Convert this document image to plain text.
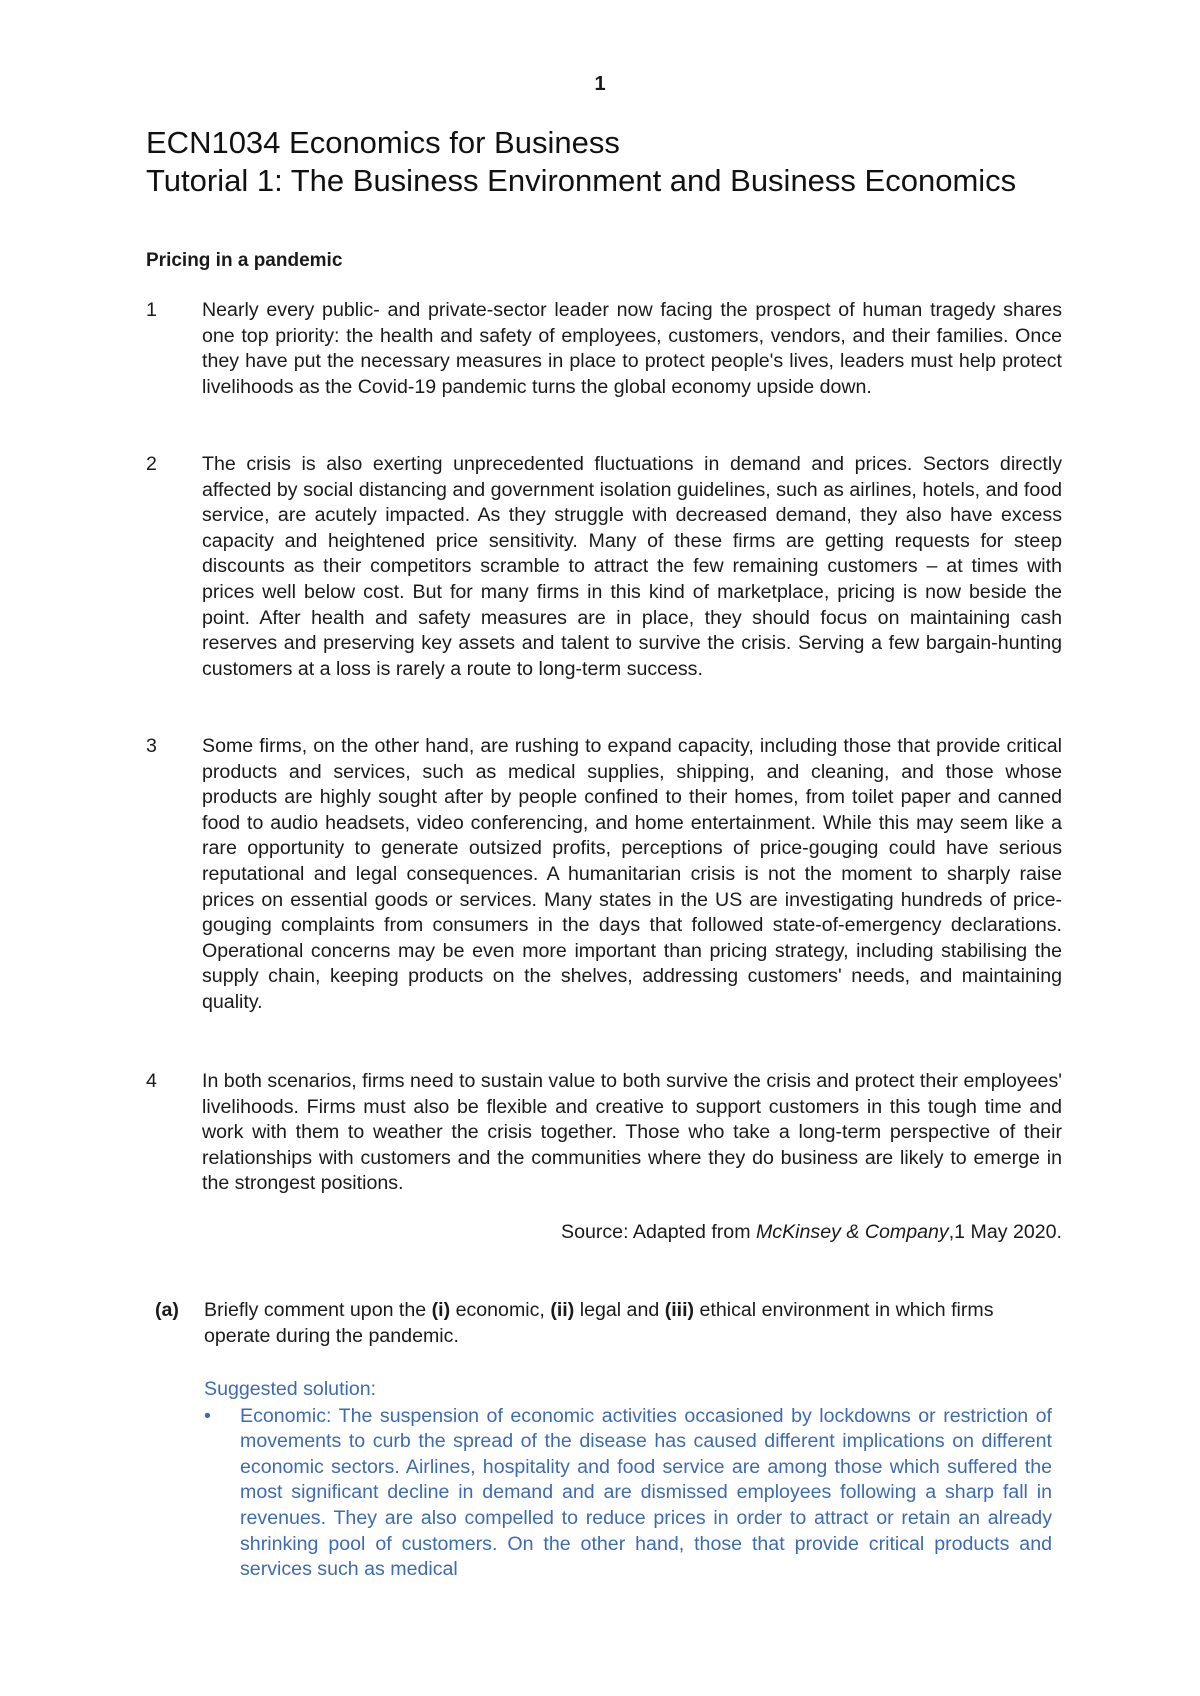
1
ECN1034 Economics for Business
Tutorial 1: The Business Environment and Business Economics
Pricing in a pandemic
1 Nearly every public- and private-sector leader now facing the prospect of human tragedy shares one top priority: the health and safety of employees, customers, vendors, and their families. Once they have put the necessary measures in place to protect people's lives, leaders must help protect livelihoods as the Covid-19 pandemic turns the global economy upside down.
2 The crisis is also exerting unprecedented fluctuations in demand and prices. Sectors directly affected by social distancing and government isolation guidelines, such as airlines, hotels, and food service, are acutely impacted. As they struggle with decreased demand, they also have excess capacity and heightened price sensitivity. Many of these firms are getting requests for steep discounts as their competitors scramble to attract the few remaining customers – at times with prices well below cost. But for many firms in this kind of marketplace, pricing is now beside the point. After health and safety measures are in place, they should focus on maintaining cash reserves and preserving key assets and talent to survive the crisis. Serving a few bargain-hunting customers at a loss is rarely a route to long-term success.
3 Some firms, on the other hand, are rushing to expand capacity, including those that provide critical products and services, such as medical supplies, shipping, and cleaning, and those whose products are highly sought after by people confined to their homes, from toilet paper and canned food to audio headsets, video conferencing, and home entertainment. While this may seem like a rare opportunity to generate outsized profits, perceptions of price-gouging could have serious reputational and legal consequences. A humanitarian crisis is not the moment to sharply raise prices on essential goods or services. Many states in the US are investigating hundreds of price-gouging complaints from consumers in the days that followed state-of-emergency declarations. Operational concerns may be even more important than pricing strategy, including stabilising the supply chain, keeping products on the shelves, addressing customers' needs, and maintaining quality.
4 In both scenarios, firms need to sustain value to both survive the crisis and protect their employees' livelihoods. Firms must also be flexible and creative to support customers in this tough time and work with them to weather the crisis together. Those who take a long-term perspective of their relationships with customers and the communities where they do business are likely to emerge in the strongest positions.
Source: Adapted from McKinsey & Company,1 May 2020.
(a) Briefly comment upon the (i) economic, (ii) legal and (iii) ethical environment in which firms operate during the pandemic.
Suggested solution:
• Economic: The suspension of economic activities occasioned by lockdowns or restriction of movements to curb the spread of the disease has caused different implications on different economic sectors. Airlines, hospitality and food service are among those which suffered the most significant decline in demand and are dismissed employees following a sharp fall in revenues. They are also compelled to reduce prices in order to attract or retain an already shrinking pool of customers. On the other hand, those that provide critical products and services such as medical
